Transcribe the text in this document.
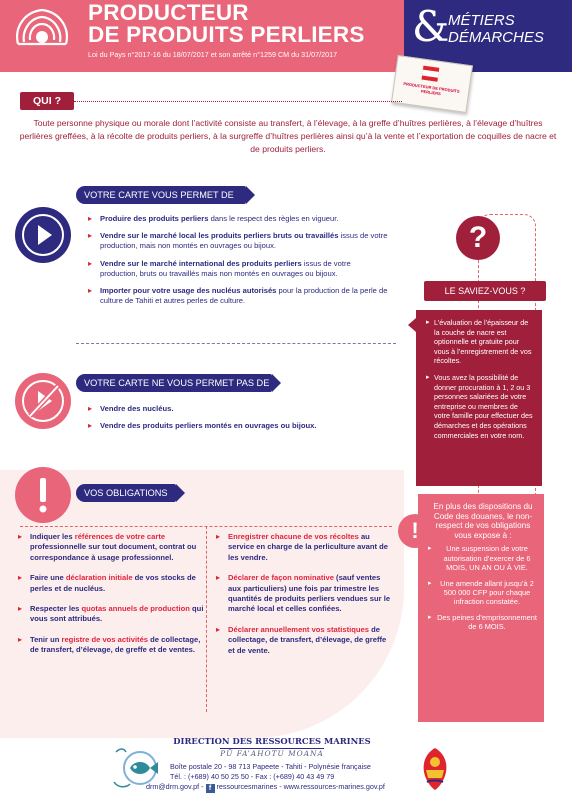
PRODUCTEUR
DE PRODUITS PERLIERS
Loi du Pays n°2017-16 du 18/07/2017 et son arrêté n°1259 CM du 31/07/2017
&
MÉTIERS
DÉMARCHES
PRODUCTEUR DE PRODUITS PERLIERS
QUI ?
Toute personne physique ou morale dont l’activité consiste au transfert, à l’élevage, à la greffe d’huîtres perlières, à l’élevage d’huîtres perlières greffées, à la récolte de produits perliers, à la surgreffe d’huîtres perlières ainsi qu’à la vente et l’exportation de coquilles de nacre et de produits perliers.
VOTRE CARTE VOUS PERMET DE
▸ Produire des produits perliers dans le respect des règles en vigueur.
▸ Vendre sur le marché local les produits perliers bruts ou travaillés issus de votre production, mais non montés en ouvrages ou bijoux.
▸ Vendre sur le marché international des produits perliers issus de votre production, bruts ou travaillés mais non montés en ouvrages ou bijoux.
▸ Importer pour votre usage des nucléus autorisés pour la production de la perle de culture de Tahiti et autres perles de culture.
VOTRE CARTE NE VOUS PERMET PAS DE
▸ Vendre des nucléus.
▸ Vendre des produits perliers montés en ouvrages ou bijoux.
VOS OBLIGATIONS
▸ Indiquer les références de votre carte professionnelle sur tout document, contrat ou correspondance à usage professionnel.
▸ Faire une déclaration initiale de vos stocks de perles et de nucléus.
▸ Respecter les quotas annuels de production qui vous sont attribués.
▸ Tenir un registre de vos activités de collectage, de transfert, d’élevage, de greffe et de ventes.
▸ Enregistrer chacune de vos récoltes au service en charge de la perliculture avant de les vendre.
▸ Déclarer de façon nominative (sauf ventes aux particuliers) une fois par trimestre les quantités de produits perliers vendues sur le marché local et celles confiées.
▸ Déclarer annuellement vos statistiques de collectage, de transfert, d’élevage, de greffe et de vente.
?
LE SAVIEZ-VOUS ?
▸ L’évaluation de l’épaisseur de la couche de nacre est optionnelle et gratuite pour vous à l’enregistrement de vos récoltes.
▸ Vous avez la possibilité de donner procuration à 1, 2 ou 3 personnes salariées de votre entreprise ou membres de votre famille pour effectuer des démarches et des opérations commerciales en votre nom.
En plus des dispositions du Code des douanes, le non-respect de vos obligations vous expose à :
▸ Une suspension de votre autorisation d’exercer de 6 MOIS, UN AN OU À VIE.
▸ Une amende allant jusqu’à 2 500 000 CFP pour chaque infraction constatée.
▸ Des peines d’emprisonnement de 6 MOIS.
!
DIRECTION DES RESSOURCES MARINES
PŪ FA’AHOTU MOANA
Boîte postale 20 - 98 713 Papeete - Tahiti - Polynésie française
Tél. : (+689) 40 50 25 50 - Fax : (+689) 40 43 49 79
drm@drm.gov.pf - f ressourcesmarines - www.ressources-marines.gov.pf
